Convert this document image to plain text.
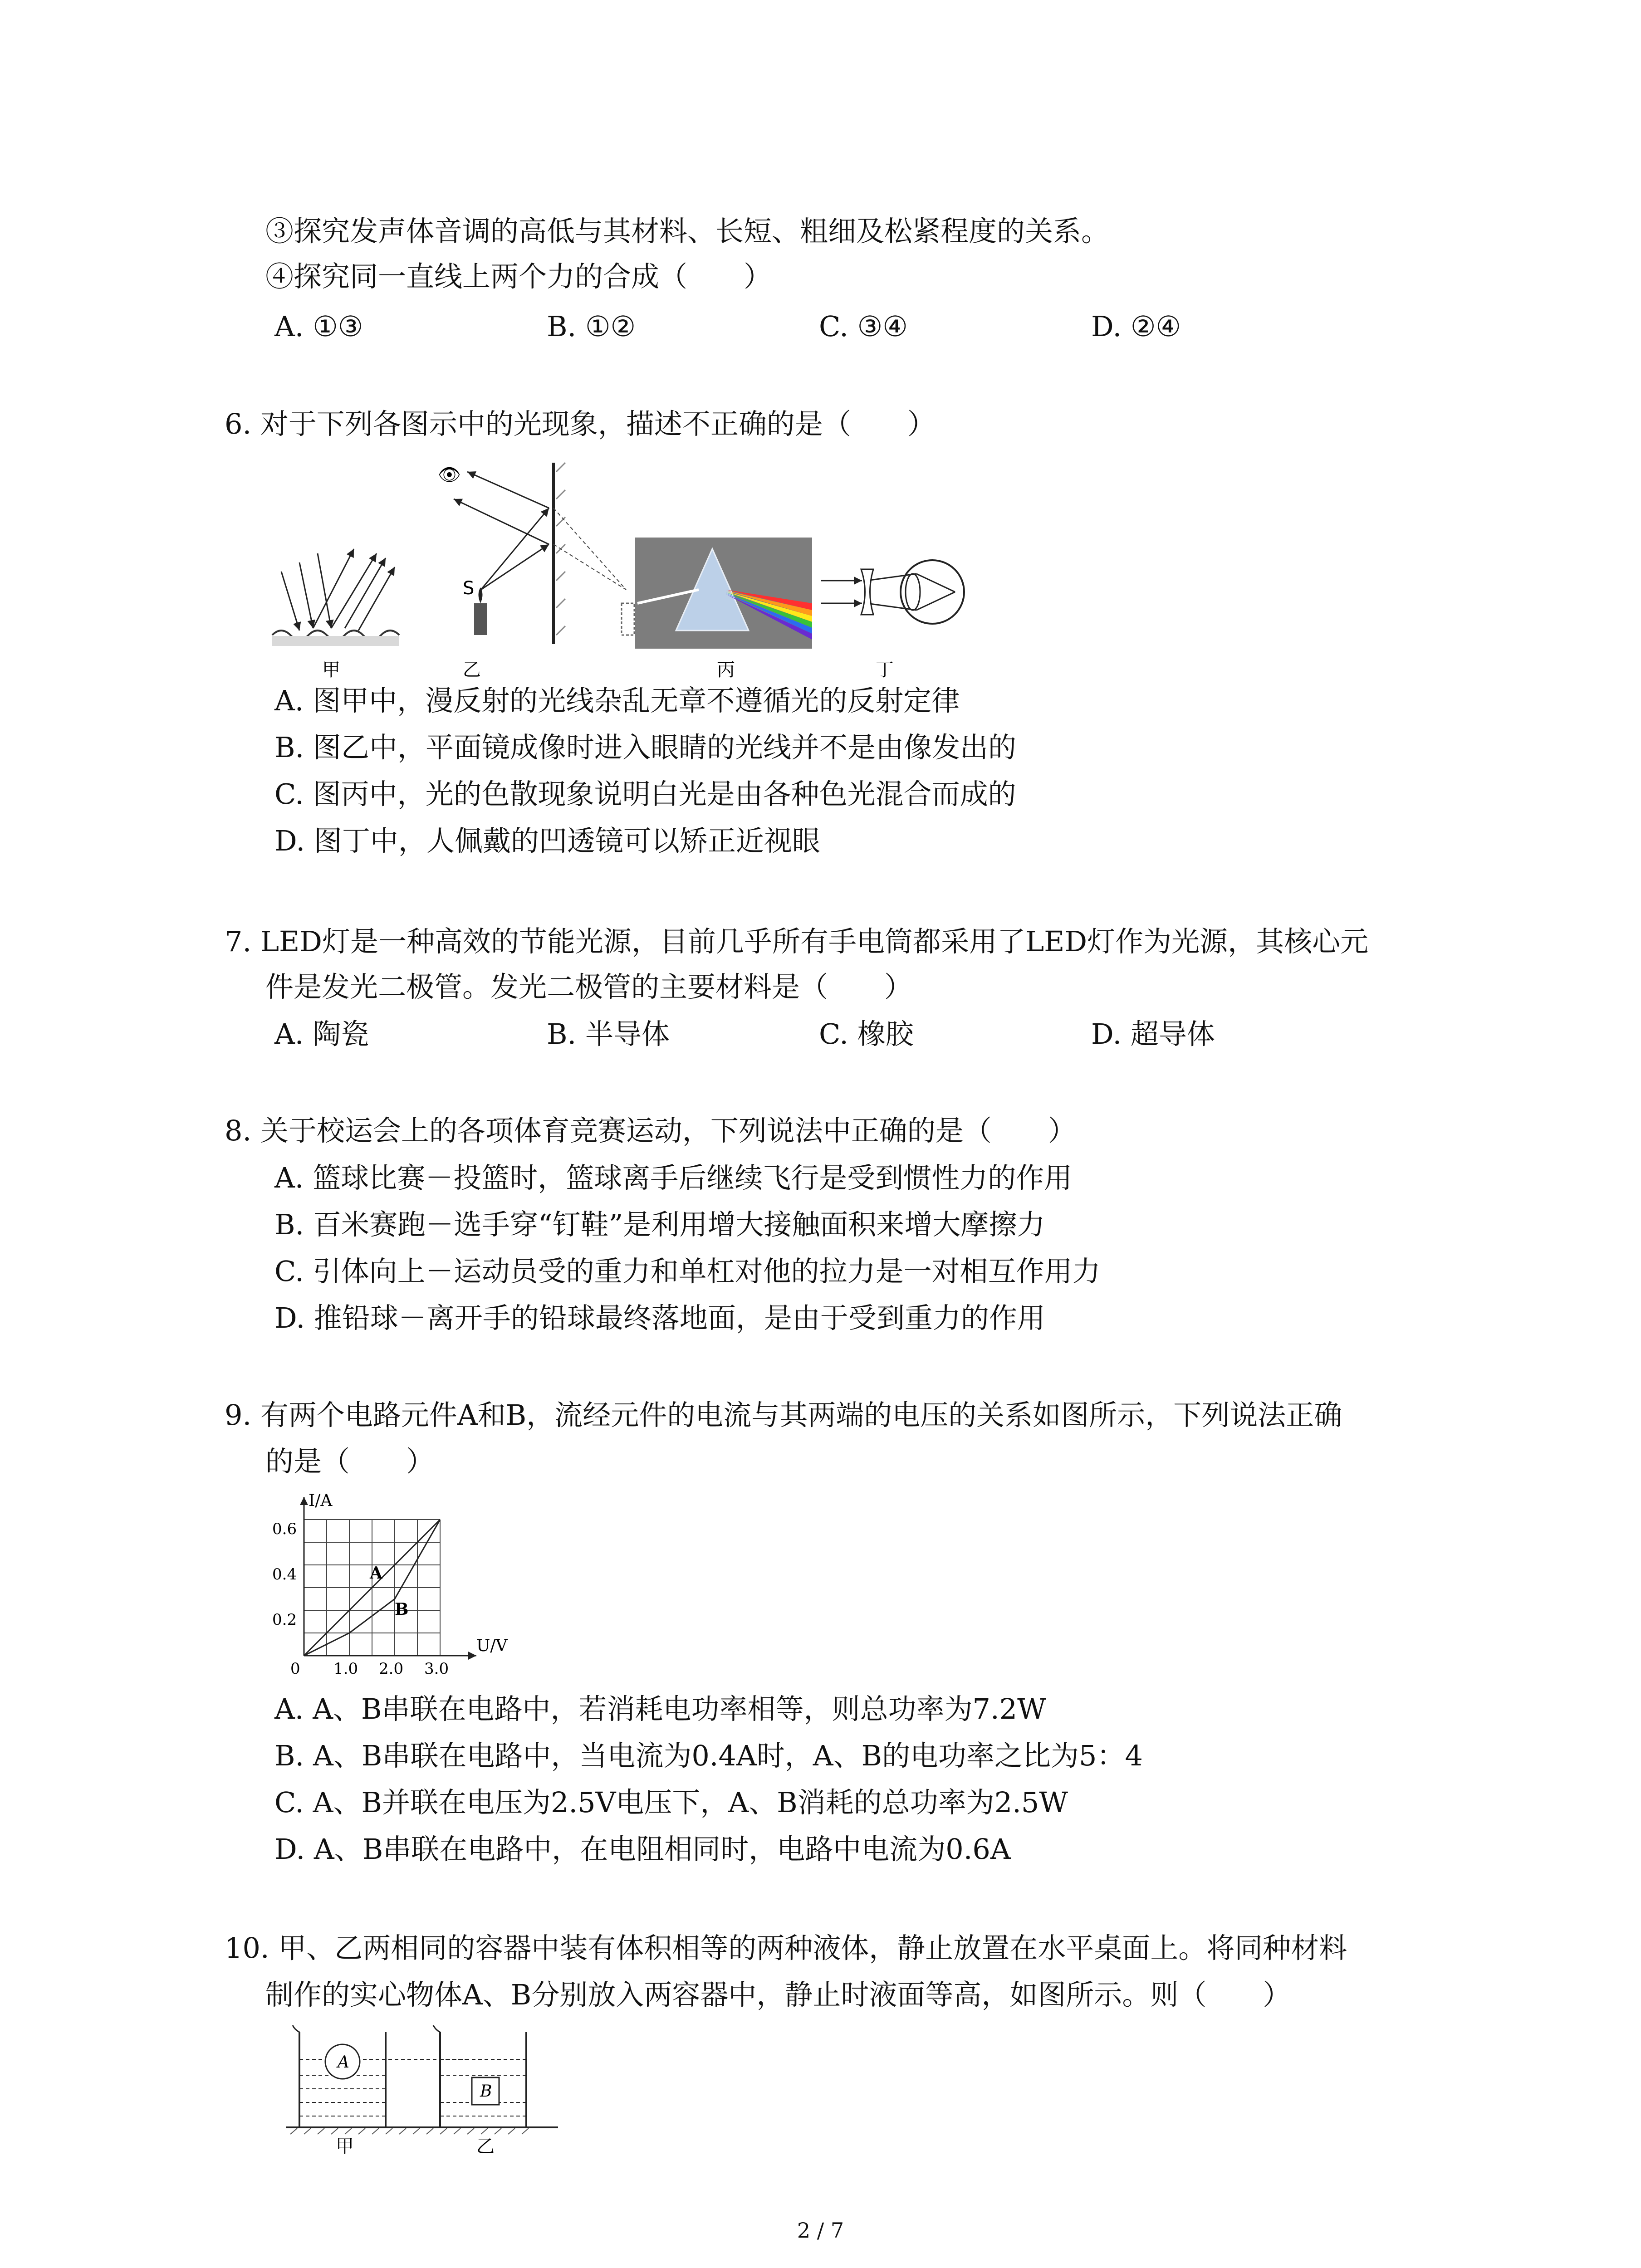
③探究发声体音调的高低与其材料、长短、粗细及松紧程度的关系。
④探究同一直线上两个力的合成（　　）
A. ①③	B. ①②	C. ③④	D. ②④
6. 对于下列各图示中的光现象，描述不正确的是（　　）
甲
👁
S
乙	丙	丁
A. 图甲中，漫反射的光线杂乱无章不遵循光的反射定律
B. 图乙中，平面镜成像时进入眼睛的光线并不是由像发出的
C. 图丙中，光的色散现象说明白光是由各种色光混合而成的
D. 图丁中，人佩戴的凹透镜可以矫正近视眼
7. LED灯是一种高效的节能光源，目前几乎所有手电筒都采用了LED灯作为光源，其核心元
件是发光二极管。发光二极管的主要材料是（　　）
A. 陶瓷	B. 半导体	C. 橡胶	D. 超导体
8. 关于校运会上的各项体育竞赛运动，下列说法中正确的是（　　）
A. 篮球比赛－投篮时，篮球离手后继续飞行是受到惯性力的作用
B. 百米赛跑－选手穿“钉鞋”是利用增大接触面积来增大摩擦力
C. 引体向上－运动员受的重力和单杠对他的拉力是一对相互作用力
D. 推铅球－离开手的铅球最终落地面，是由于受到重力的作用
9. 有两个电路元件A和B，流经元件的电流与其两端的电压的关系如图所示，下列说法正确
的是（　　）
I/A
U/V
0
0.2
0.4
0.6
1.0 2.0 3.0
A
B
A. A、B串联在电路中，若消耗电功率相等，则总功率为7.2W
B. A、B串联在电路中，当电流为0.4A时，A、B的电功率之比为5：4
C. A、B并联在电压为2.5V电压下，A、B消耗的总功率为2.5W
D. A、B串联在电路中，在电阻相同时，电路中电流为0.6A
10. 甲、乙两相同的容器中装有体积相等的两种液体，静止放置在水平桌面上。将同种材料
制作的实心物体A、B分别放入两容器中，静止时液面等高，如图所示。则（　　）
A
B
甲	乙
2 / 7
